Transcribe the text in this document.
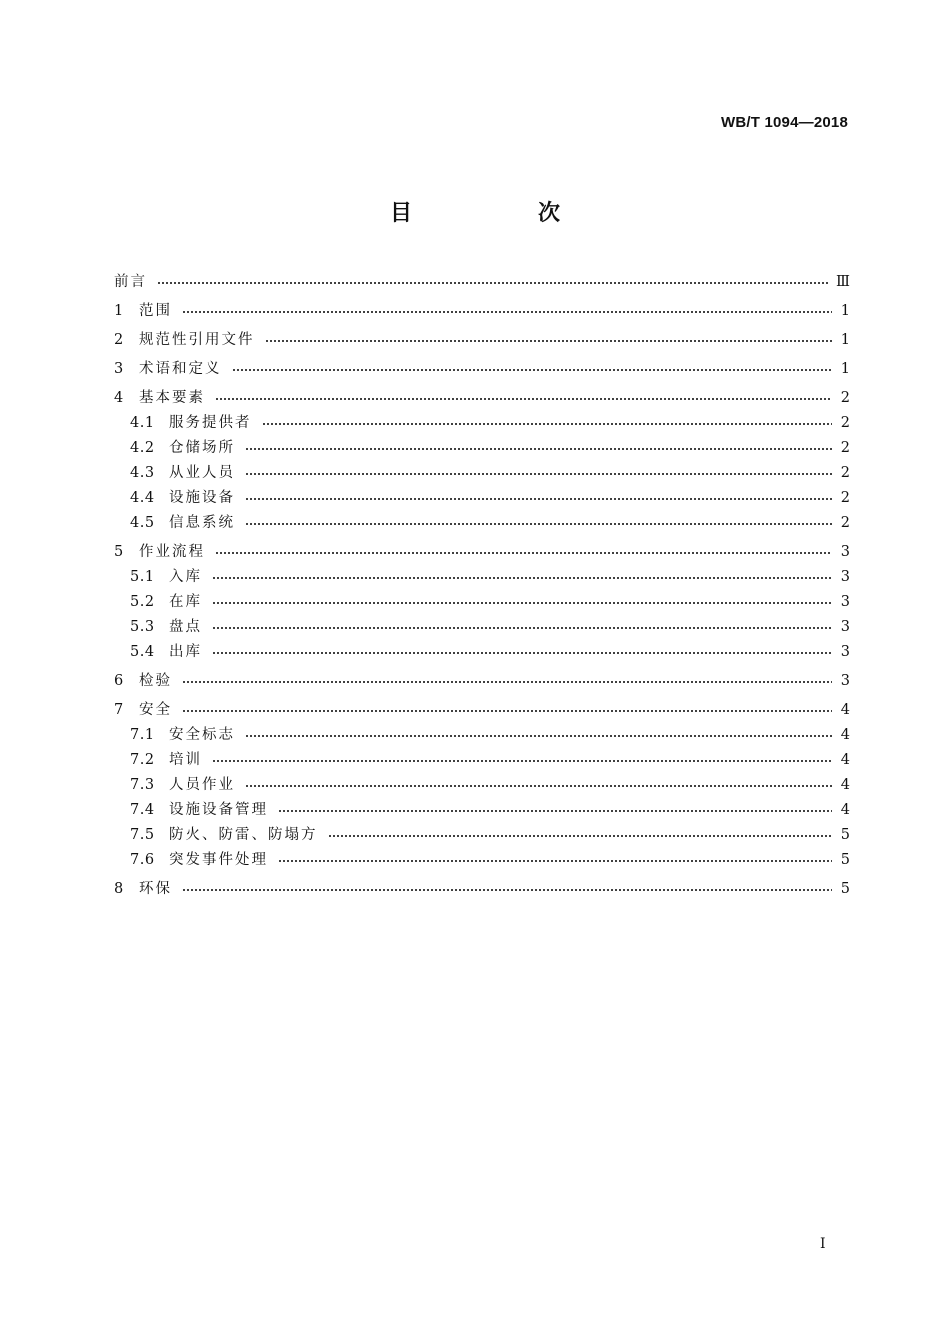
WB/T 1094—2018
目　次
前言	Ⅲ
1	范围	1
2	规范性引用文件	1
3	术语和定义	1
4	基本要素	2
4.1 服务提供者	2
4.2 仓储场所	2
4.3 从业人员	2
4.4 设施设备	2
4.5 信息系统	2
5	作业流程	3
5.1 入库	3
5.2 在库	3
5.3 盘点	3
5.4 出库	3
6	检验	3
7	安全	4
7.1 安全标志	4
7.2 培训	4
7.3 人员作业	4
7.4 设施设备管理	4
7.5 防火、防雷、防塌方	5
7.6 突发事件处理	5
8	环保	5
I
